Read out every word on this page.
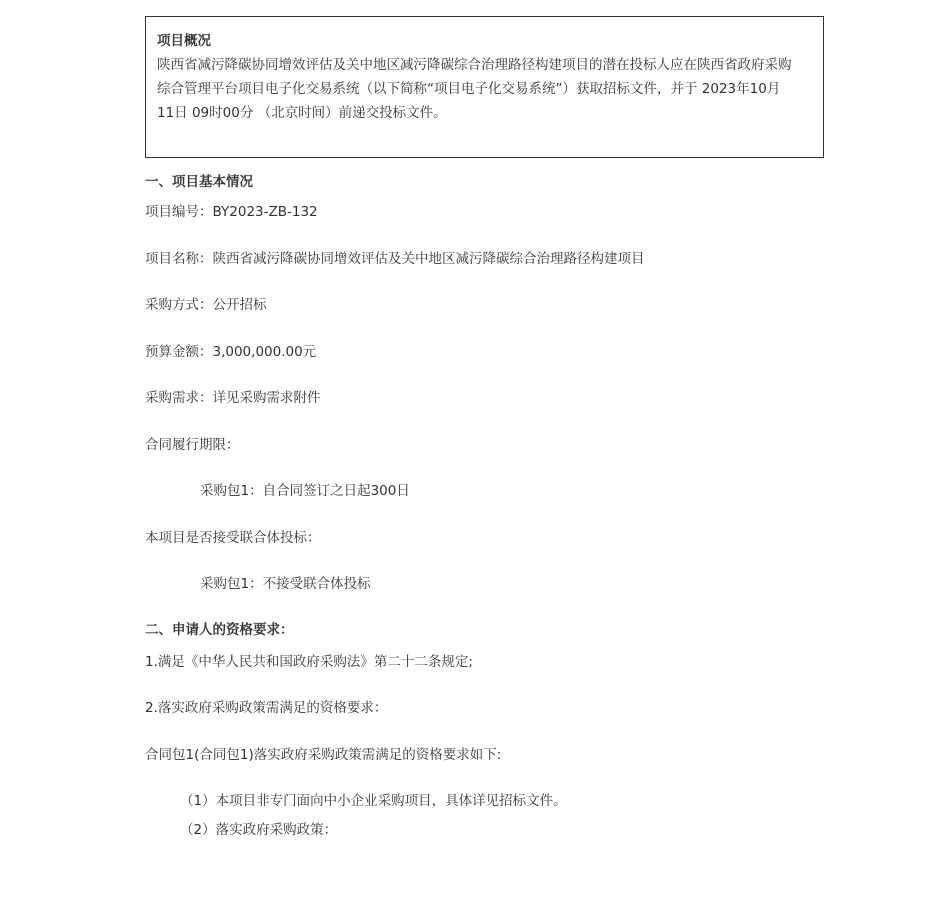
项目概况

陕西省减污降碳协同增效评估及关中地区减污降碳综合治理路径构建项目的潜在投标人应在陕西省政府采购

综合管理平台项目电子化交易系统（以下简称“项目电子化交易系统”）获取招标文件，并于 2023年10月

11日 09时00分 （北京时间）前递交投标文件。

一、项目基本情况

项目编号：BY2023-ZB-132

项目名称：陕西省减污降碳协同增效评估及关中地区减污降碳综合治理路径构建项目

采购方式：公开招标

预算金额：3,000,000.00元

采购需求：详见采购需求附件

合同履行期限：

采购包1：自合同签订之日起300日

本项目是否接受联合体投标：

采购包1：不接受联合体投标

二、申请人的资格要求：

1.满足《中华人民共和国政府采购法》第二十二条规定;

2.落实政府采购政策需满足的资格要求：

合同包1(合同包1)落实政府采购政策需满足的资格要求如下:

（1）本项目非专门面向中小企业采购项目，具体详见招标文件。

（2）落实政府采购政策：
